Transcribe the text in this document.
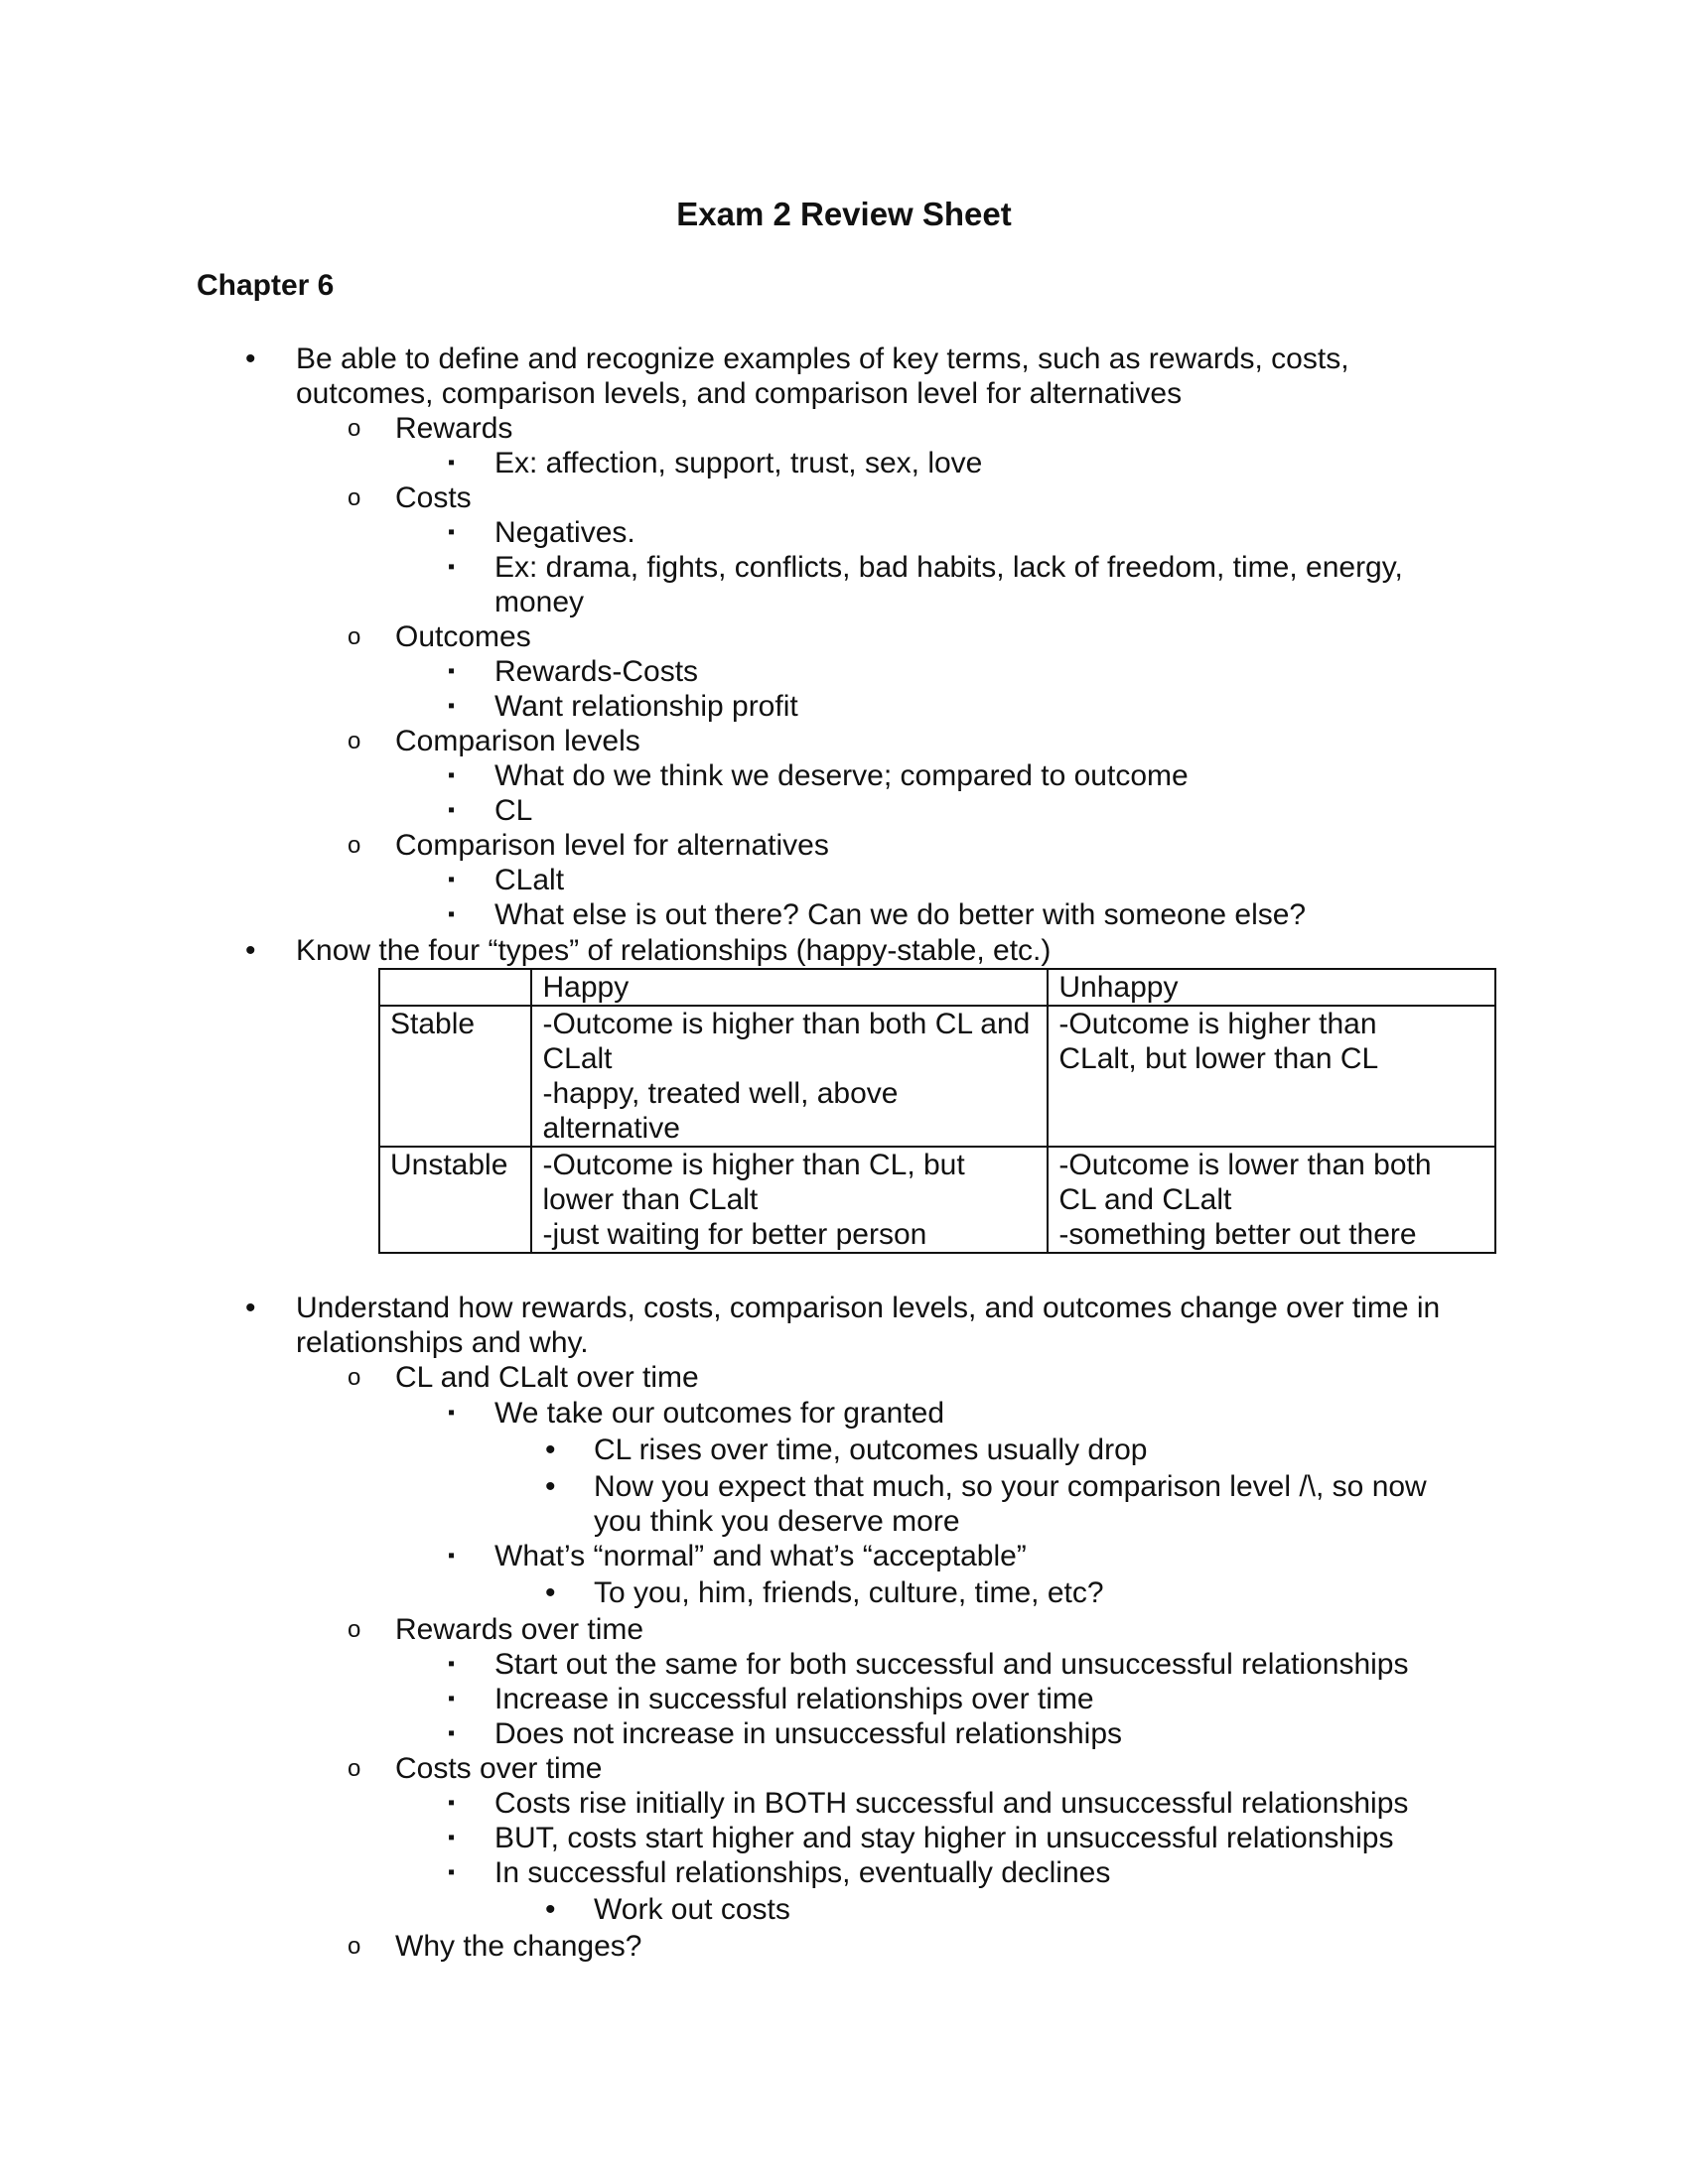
Exam 2 Review Sheet
Chapter 6
• Be able to define and recognize examples of key terms, such as rewards, costs,
outcomes, comparison levels, and comparison level for alternatives
o Rewards
▪ Ex: affection, support, trust, sex, love
o Costs
▪ Negatives.
▪ Ex: drama, fights, conflicts, bad habits, lack of freedom, time, energy,
money
o Outcomes
▪ Rewards-Costs
▪ Want relationship profit
o Comparison levels
▪ What do we think we deserve; compared to outcome
▪ CL
o Comparison level for alternatives
▪ CLalt
▪ What else is out there? Can we do better with someone else?
• Know the four “types” of relationships (happy-stable, etc.)
	Happy	Unhappy
Stable	-Outcome is higher than both CL and
CLalt
-happy, treated well, above
alternative	-Outcome is higher than
CLalt, but lower than CL

Unstable	-Outcome is higher than CL, but
lower than CLalt
-just waiting for better person	-Outcome is lower than both
CL and CLalt
-something better out there
• Understand how rewards, costs, comparison levels, and outcomes change over time in
relationships and why.
o CL and CLalt over time
▪ We take our outcomes for granted
• CL rises over time, outcomes usually drop
• Now you expect that much, so your comparison level /\, so now
you think you deserve more
▪ What’s “normal” and what’s “acceptable”
• To you, him, friends, culture, time, etc?
o Rewards over time
▪ Start out the same for both successful and unsuccessful relationships
▪ Increase in successful relationships over time
▪ Does not increase in unsuccessful relationships
o Costs over time
▪ Costs rise initially in BOTH successful and unsuccessful relationships
▪ BUT, costs start higher and stay higher in unsuccessful relationships
▪ In successful relationships, eventually declines
• Work out costs
o Why the changes?
